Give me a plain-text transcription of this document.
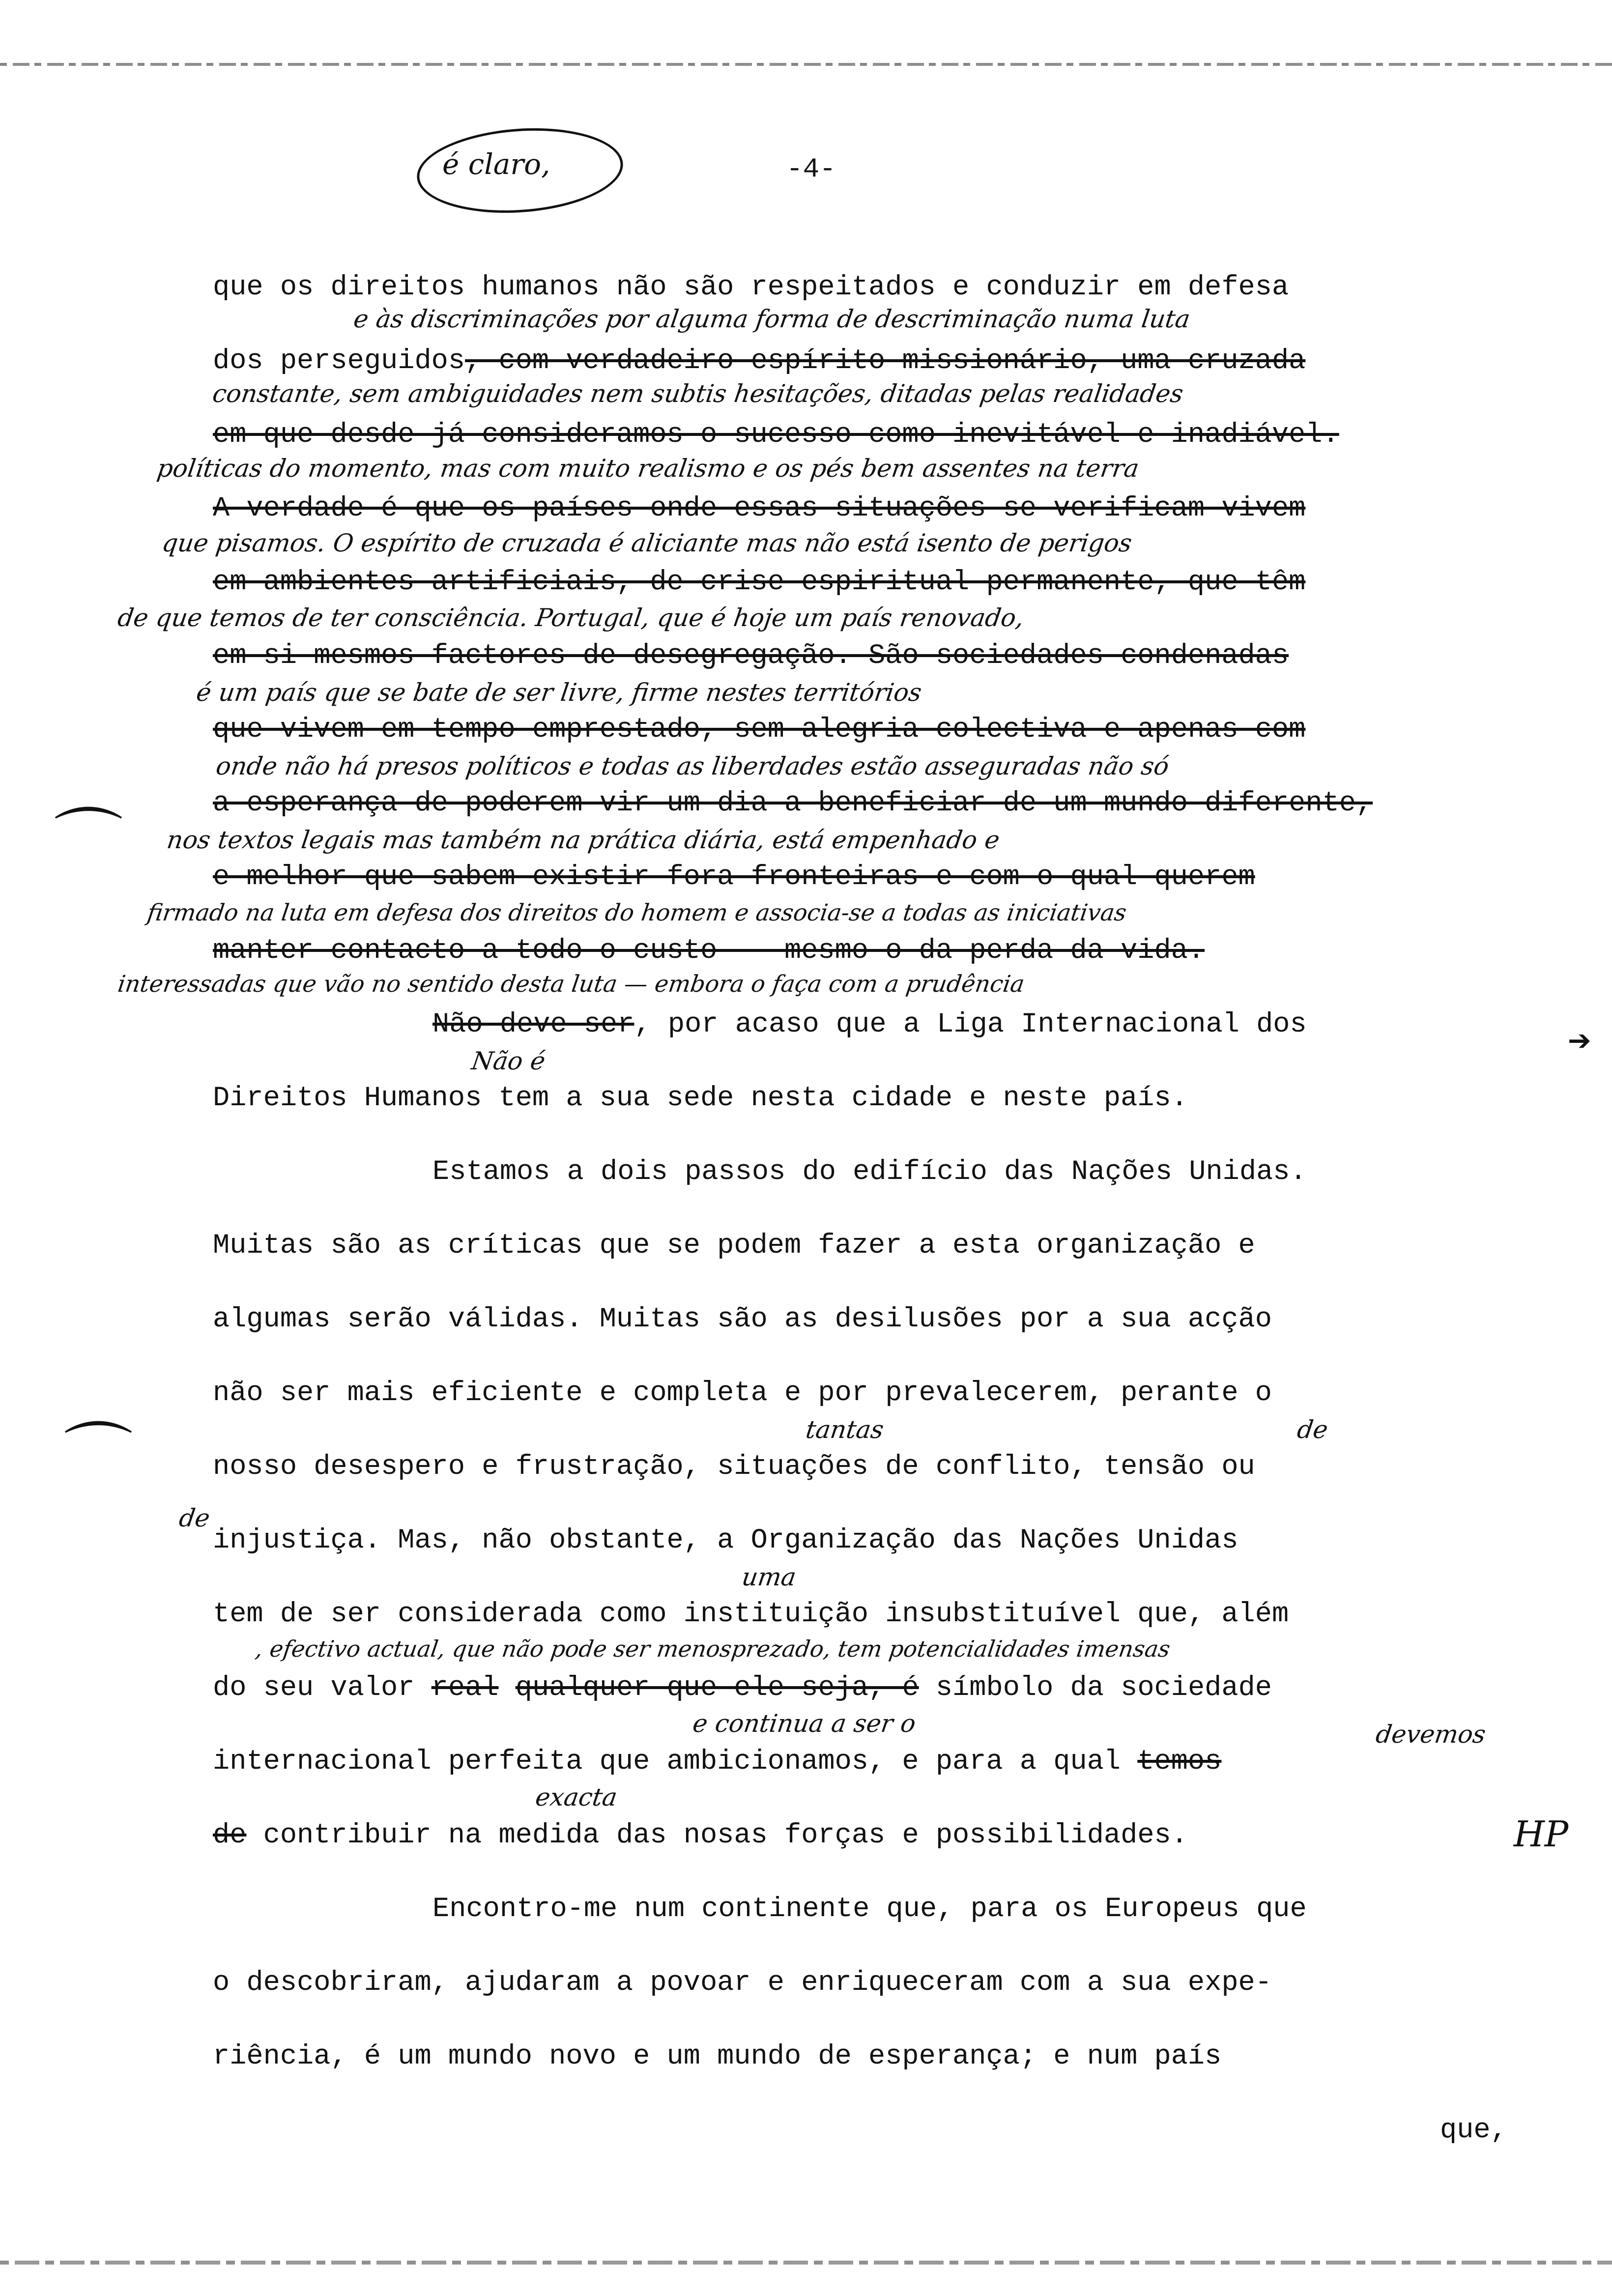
é claro,	-4-
que os direitos humanos não são respeitados e conduzir em defesa
e às discriminações por alguma forma de descriminação numa luta
dos perseguidos, com verdadeiro espírito missionário, uma cruzada
constante, sem ambiguidades nem subtis hesitações, ditadas pelas realidades
em que desde já consideramos o sucesso como inevitável e inadiável.
políticas do momento, mas com muito realismo e os pés bem assentes na terra
A verdade é que os países onde essas situações se verificam vivem
que pisamos. O espírito de cruzada é aliciante mas não está isento de perigos
em ambientes artificiais, de crise espiritual permanente, que têm
de que temos de ter consciência. Portugal, que é hoje um país renovado,
em si mesmos factores de desegregação. São sociedades condenadas
é um país que se bate de ser livre, firme nestes territórios
que vivem em tempo emprestado, sem alegria colectiva e apenas com
onde não há presos políticos e todas as liberdades estão asseguradas não só
a esperança de poderem vir um dia a beneficiar de um mundo diferente,
nos textos legais mas também na prática diária, está empenhado e
e melhor que sabem existir fora fronteiras e com o qual querem
firmado na luta em defesa dos direitos do homem e associa-se a todas as iniciativas
manter contacto a todo o custo -- mesmo o da perda da vida.
interessadas que vão no sentido desta luta — embora o faça com a prudência
➔
Não deve ser, por acaso que a Liga Internacional dos
Não é
Direitos Humanos tem a sua sede nesta cidade e neste país.
Estamos a dois passos do edifício das Nações Unidas.
Muitas são as críticas que se podem fazer a esta organização e
algumas serão válidas. Muitas são as desilusões por a sua acção
não ser mais eficiente e completa e por prevalecerem, perante o
tantas	de
nosso desespero e frustração, situações de conflito, tensão ou
de
injustiça. Mas, não obstante, a Organização das Nações Unidas
uma
tem de ser considerada como instituição insubstituível que, além
, efectivo actual, que não pode ser menosprezado, tem potencialidades imensas
do seu valor real qualquer que ele seja, é símbolo da sociedade
e continua a ser o	devemos
internacional perfeita que ambicionamos, e para a qual temos
exacta
de contribuir na medida das nosas forças e possibilidades.	HP
Encontro-me num continente que, para os Europeus que
o descobriram, ajudaram a povoar e enriqueceram com a sua expe-
riência, é um mundo novo e um mundo de esperança; e num país
que,
⌒
⌒
